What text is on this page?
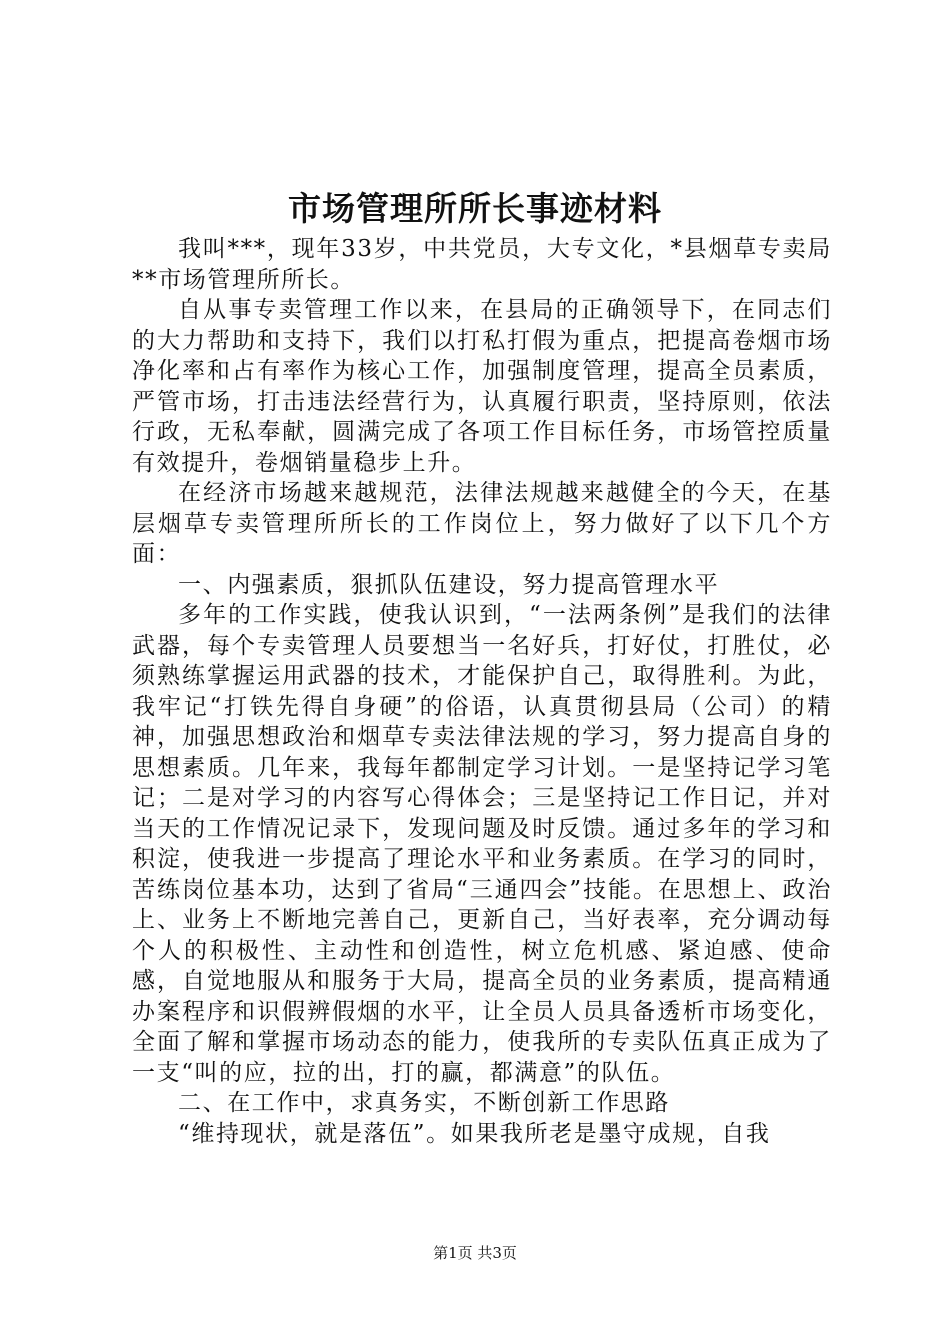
市场管理所所长事迹材料

我叫***，现年33岁，中共党员，大专文化，*县烟草专卖局**市场管理所所长。

自从事专卖管理工作以来，在县局的正确领导下，在同志们的大力帮助和支持下，我们以打私打假为重点，把提高卷烟市场净化率和占有率作为核心工作，加强制度管理，提高全员素质，严管市场，打击违法经营行为，认真履行职责，坚持原则，依法行政，无私奉献，圆满完成了各项工作目标任务，市场管控质量有效提升，卷烟销量稳步上升。

在经济市场越来越规范，法律法规越来越健全的今天，在基层烟草专卖管理所所长的工作岗位上，努力做好了以下几个方面：

一、内强素质，狠抓队伍建设，努力提高管理水平

多年的工作实践，使我认识到，“一法两条例”是我们的法律武器，每个专卖管理人员要想当一名好兵，打好仗，打胜仗，必须熟练掌握运用武器的技术，才能保护自己，取得胜利。为此，我牢记“打铁先得自身硬”的俗语，认真贯彻县局（公司）的精神，加强思想政治和烟草专卖法律法规的学习，努力提高自身的思想素质。几年来，我每年都制定学习计划。一是坚持记学习笔记；二是对学习的内容写心得体会；三是坚持记工作日记，并对当天的工作情况记录下，发现问题及时反馈。通过多年的学习和积淀，使我进一步提高了理论水平和业务素质。在学习的同时，苦练岗位基本功，达到了省局“三通四会”技能。在思想上、政治上、业务上不断地完善自己，更新自己，当好表率，充分调动每个人的积极性、主动性和创造性，树立危机感、紧迫感、使命感，自觉地服从和服务于大局，提高全员的业务素质，提高精通办案程序和识假辨假烟的水平，让全员人员具备透析市场变化，全面了解和掌握市场动态的能力，使我所的专卖队伍真正成为了一支“叫的应，拉的出，打的赢，都满意”的队伍。

二、在工作中，求真务实，不断创新工作思路

“维持现状，就是落伍”。如果我所老是墨守成规，自我

第1页 共3页
